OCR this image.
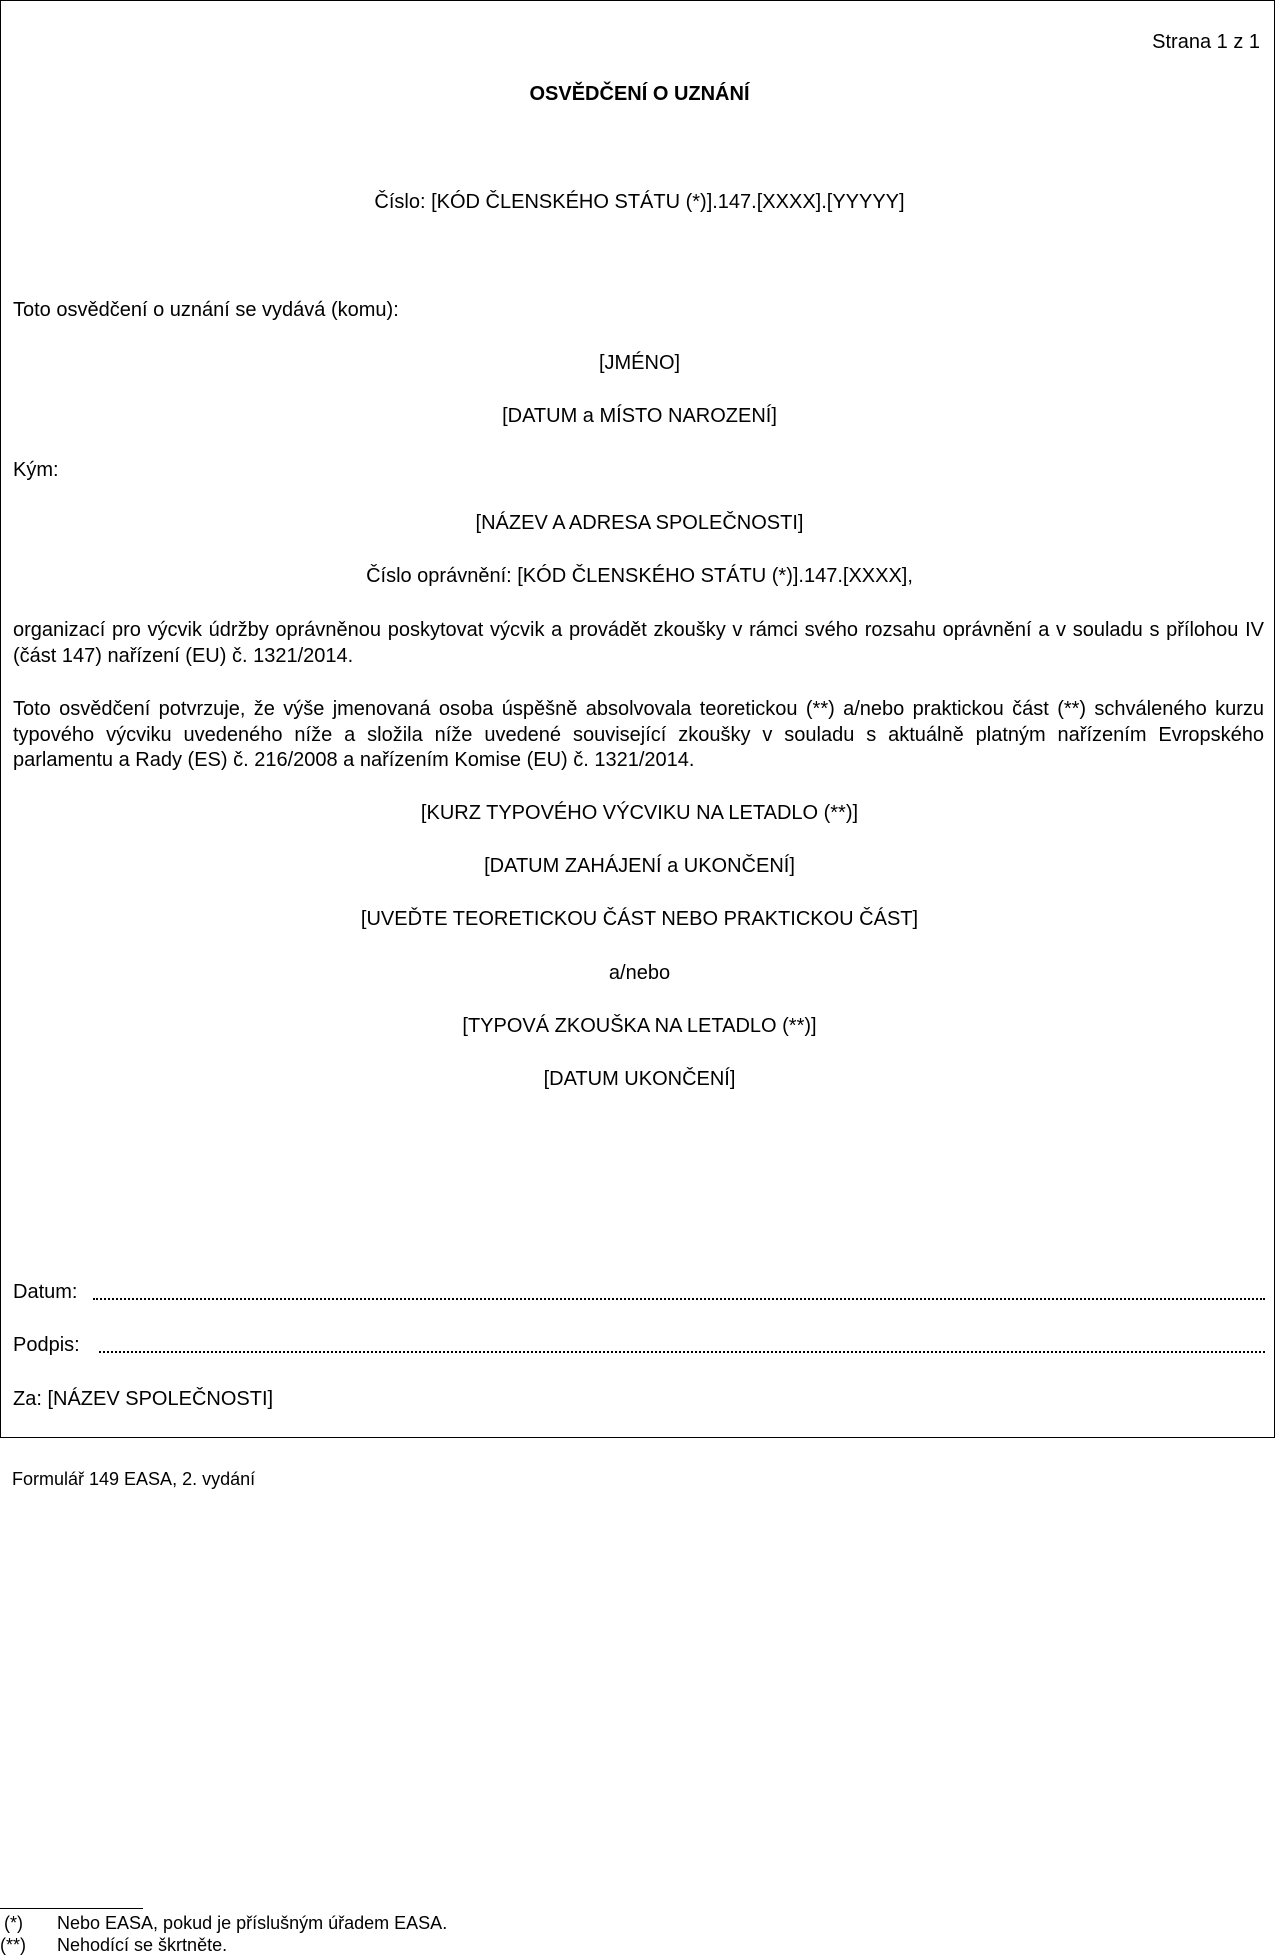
Strana 1 z 1
OSVĚDČENÍ O UZNÁNÍ
Číslo: [KÓD ČLENSKÉHO STÁTU (*)].147.[XXXX].[YYYYY]
Toto osvědčení o uznání se vydává (komu):
[JMÉNO]
[DATUM a MÍSTO NAROZENÍ]
Kým:
[NÁZEV A ADRESA SPOLEČNOSTI]
Číslo oprávnění: [KÓD ČLENSKÉHO STÁTU (*)].147.[XXXX],
organizací pro výcvik údržby oprávněnou poskytovat výcvik a provádět zkoušky v rámci svého rozsahu oprávnění a v souladu s přílohou IV (část 147) nařízení (EU) č. 1321/2014.
Toto osvědčení potvrzuje, že výše jmenovaná osoba úspěšně absolvovala teoretickou (**) a/nebo praktickou část (**) schváleného kurzu typového výcviku uvedeného níže a složila níže uvedené související zkoušky v souladu s aktuálně platným nařízením Evropského parlamentu a Rady (ES) č. 216/2008 a nařízením Komise (EU) č. 1321/2014.
[KURZ TYPOVÉHO VÝCVIKU NA LETADLO (**)]
[DATUM ZAHÁJENÍ a UKONČENÍ]
[UVEĎTE TEORETICKOU ČÁST NEBO PRAKTICKOU ČÁST]
a/nebo
[TYPOVÁ ZKOUŠKA NA LETADLO (**)]
[DATUM UKONČENÍ]
Datum:
Podpis:
Za: [NÁZEV SPOLEČNOSTI]
Formulář 149 EASA, 2. vydání
(*) Nebo EASA, pokud je příslušným úřadem EASA.
(**) Nehodící se škrtněte.
